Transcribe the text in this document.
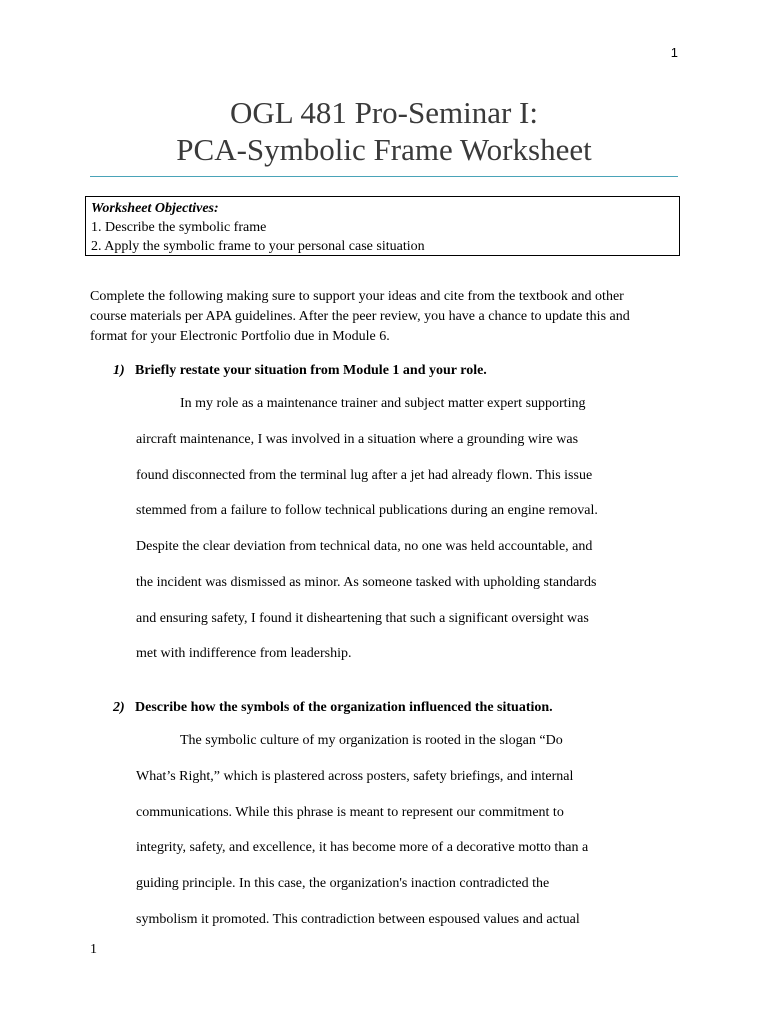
1
OGL 481 Pro-Seminar I:
PCA-Symbolic Frame Worksheet
Worksheet Objectives:
1. Describe the symbolic frame
2. Apply the symbolic frame to your personal case situation
Complete the following making sure to support your ideas and cite from the textbook and other
course materials per APA guidelines. After the peer review, you have a chance to update this and
format for your Electronic Portfolio due in Module 6.
1) Briefly restate your situation from Module 1 and your role.
In my role as a maintenance trainer and subject matter expert supporting
aircraft maintenance, I was involved in a situation where a grounding wire was
found disconnected from the terminal lug after a jet had already flown. This issue
stemmed from a failure to follow technical publications during an engine removal.
Despite the clear deviation from technical data, no one was held accountable, and
the incident was dismissed as minor. As someone tasked with upholding standards
and ensuring safety, I found it disheartening that such a significant oversight was
met with indifference from leadership.
2) Describe how the symbols of the organization influenced the situation.
The symbolic culture of my organization is rooted in the slogan “Do
What’s Right,” which is plastered across posters, safety briefings, and internal
communications. While this phrase is meant to represent our commitment to
integrity, safety, and excellence, it has become more of a decorative motto than a
guiding principle. In this case, the organization's inaction contradicted the
symbolism it promoted. This contradiction between espoused values and actual
1
